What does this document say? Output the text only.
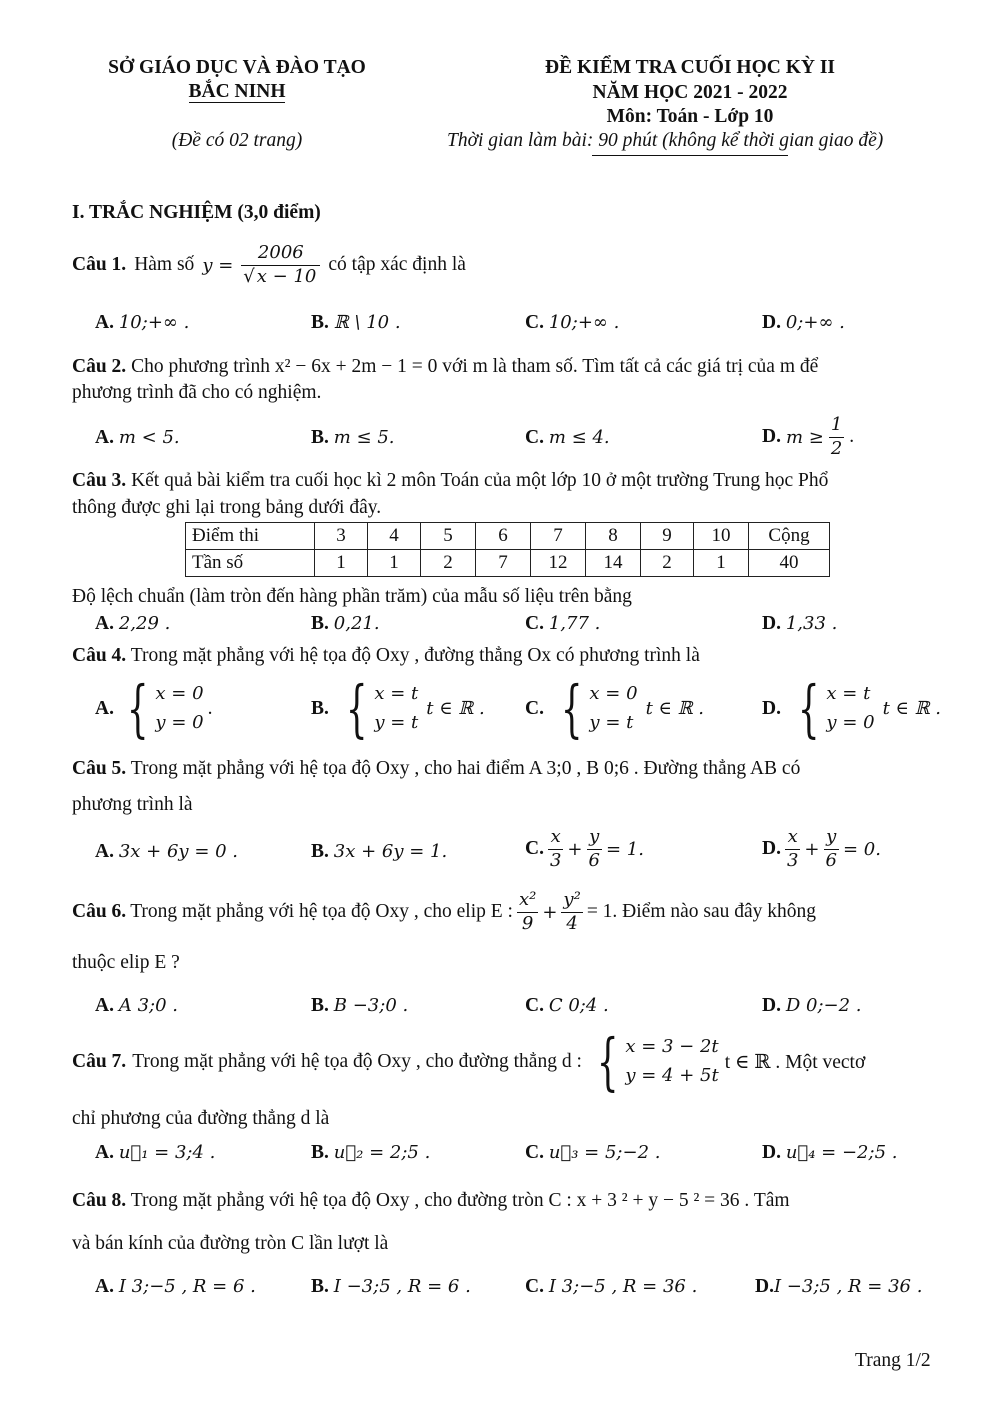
SỞ GIÁO DỤC VÀ ĐÀO TẠO
BẮC NINH
(Đề có 02 trang)
ĐỀ KIỂM TRA CUỐI HỌC KỲ II
NĂM HỌC 2021 - 2022
Môn: Toán - Lớp 10
Thời gian làm bài: 90 phút (không kể thời gian giao đề)
I. TRẮC NGHIỆM (3,0 điểm)
Câu 1. Hàm số $y = \frac{2006}{√ x - 10}$ có tập xác định là
A. 10;+∞ .	B. ℝ \ 10 .	C. 10;+∞ .	D. 0;+∞ .
Câu 2. Cho phương trình x² − 6x + 2m − 1 = 0 với m là tham số. Tìm tất cả các giá trị của m để
phương trình đã cho có nghiệm.
A. m < 5.	B. m ≤ 5.	C. m ≤ 4.	D. $m \ge \frac{1}{2}$ .
Câu 3. Kết quả bài kiểm tra cuối học kì 2 môn Toán của một lớp 10 ở một trường Trung học Phổ
thông được ghi lại trong bảng dưới đây.
Điểm thi	3	4	5	6	7	8	9	10	Cộng
Tần số	1	1	2	7	12	14	2	1	40
Độ lệch chuẩn (làm tròn đến hàng phần trăm) của mẫu số liệu trên bằng
A. 2,29 .	B. 0,21.	C. 1,77 .	D. 1,33 .
Câu 4. Trong mặt phẳng với hệ tọa độ Oxy , đường thẳng Ox có phương trình là
A. { x = 0
y = 0
.	B. { x = t
y = t
t ∈ ℝ . C. { x = 0
y = t
t ∈ ℝ .	D. { x = t
y = 0
t ∈ ℝ .
Câu 5. Trong mặt phẳng với hệ tọa độ Oxy , cho hai điểm A 3;0 , B 0;6 . Đường thẳng AB có
phương trình là
A. 3x + 6y = 0 .	B. 3x + 6y = 1.	C. $\frac{x}{3} + \frac{y}{6} = 1$.	D. $\frac{x}{3} + \frac{y}{6} = 0$.
Câu 6. Trong mặt phẳng với hệ tọa độ Oxy , cho elip E : $\frac{\text{x²}}{9} + \frac{\text{y²}}{4} = 1$. Điểm nào sau đây không
thuộc elip E ?
A. A 3;0 .	B. B −3;0 .	C. C 0;4 .	D. D 0;−2 .
Câu 7. Trong mặt phẳng với hệ tọa độ Oxy , cho đường thẳng d : { x = 3 − 2t
y = 4 + 5t
t ∈ ℝ . Một vectơ
chỉ phương của đường thẳng d là
A. u⃗₁ = 3;4 .	B. u⃗₂ = 2;5 .	C. u⃗₃ = 5;−2 .	D. u⃗₄ = −2;5 .
Câu 8. Trong mặt phẳng với hệ tọa độ Oxy , cho đường tròn C : x + 3 ² + y − 5 ² = 36 . Tâm
và bán kính của đường tròn C lần lượt là
A. I 3;−5 , R = 6 .	B. I −3;5 , R = 6 .	C. I 3;−5 , R = 36 .	D.I −3;5 , R = 36 .
Trang 1/2
